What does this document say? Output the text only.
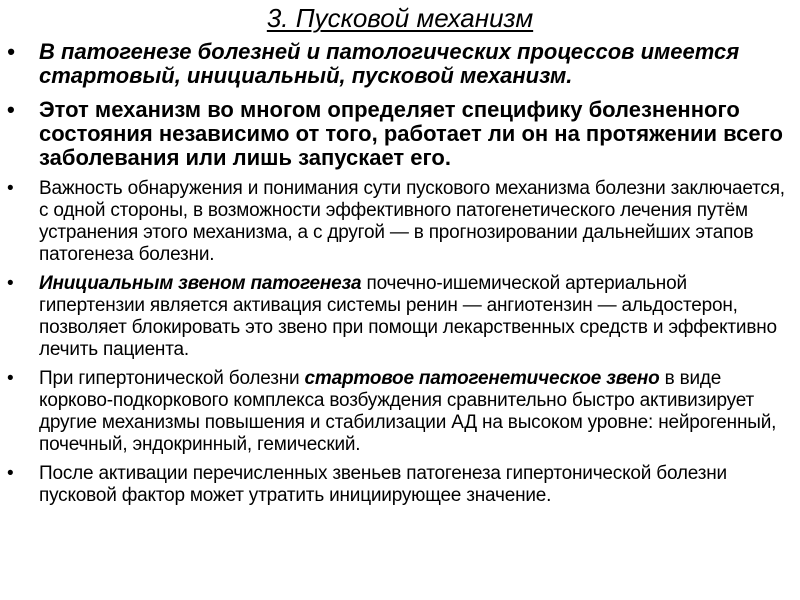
3. Пусковой механизм
• В патогенезе болезней и патологических процессов имеется стартовый, инициальный, пусковой механизм.
• Этот механизм во многом определяет специфику болезненного состояния независимо от того, работает ли он на протяжении всего заболевания или лишь запускает его.
• Важность обнаружения и понимания сути пускового механизма болезни заключается, с одной стороны, в возможности эффективного патогенетического лечения путём устранения этого механизма, а с другой — в прогнозировании дальнейших этапов патогенеза болезни.
• Инициальным звеном патогенеза почечно-ишемической артериальной гипертензии является активация системы ренин — ангиотензин — альдостерон, позволяет блокировать это звено при помощи лекарственных средств и эффективно лечить пациента.
• При гипертонической болезни стартовое патогенетическое звено в виде корково-подкоркового комплекса возбуждения сравнительно быстро активизирует другие механизмы повышения и стабилизации АД на высоком уровне: нейрогенный, почечный, эндокринный, гемический.
• После активации перечисленных звеньев патогенеза гипертонической болезни пусковой фактор может утратить инициирующее значение.
